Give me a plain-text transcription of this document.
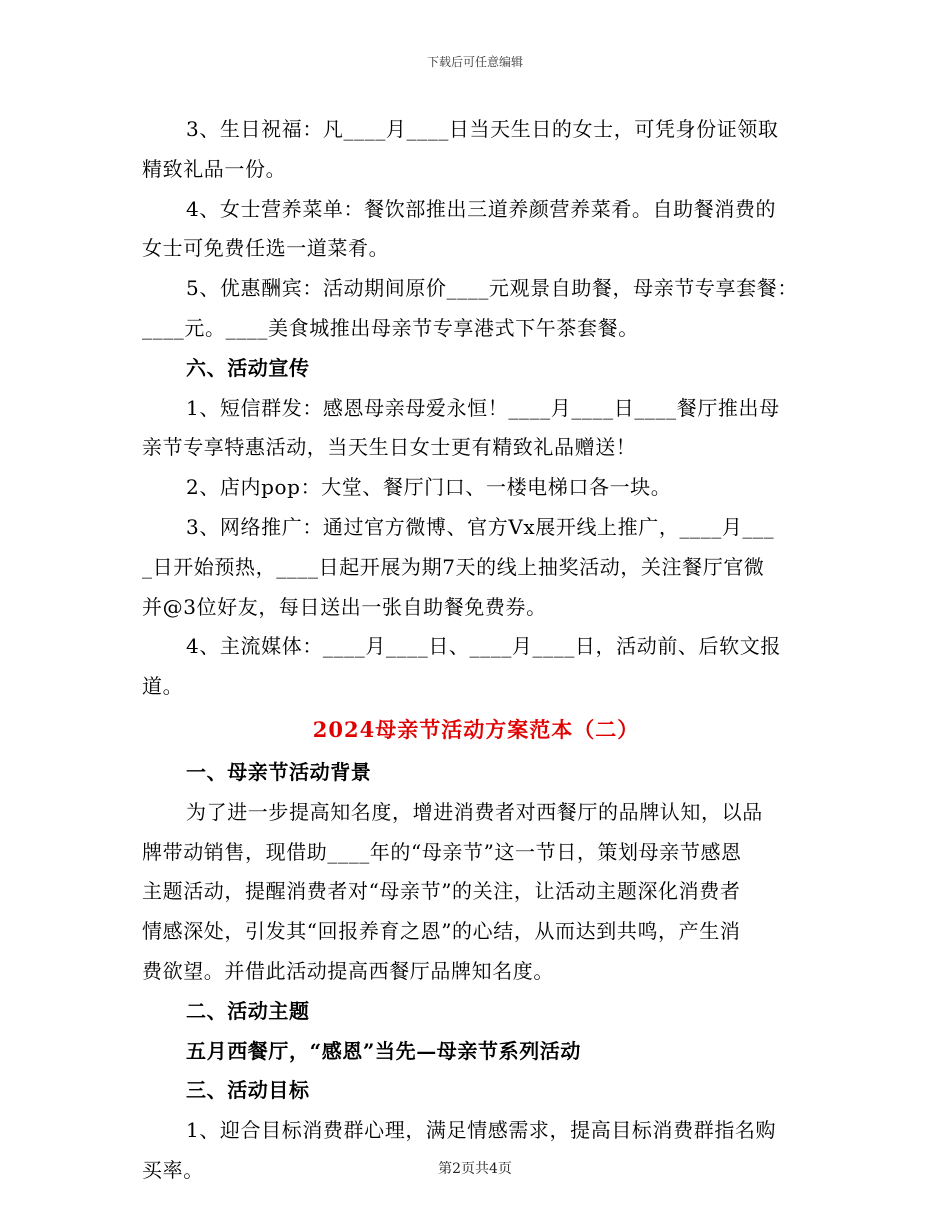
下载后可任意编辑
3、生日祝福：凡____月____日当天生日的女士，可凭身份证领取
精致礼品一份。
4、女士营养菜单：餐饮部推出三道养颜营养菜肴。自助餐消费的
女士可免费任选一道菜肴。
5、优惠酬宾：活动期间原价____元观景自助餐，母亲节专享套餐：
____元。____美食城推出母亲节专享港式下午茶套餐。
六、活动宣传
1、短信群发：感恩母亲母爱永恒！____月____日____餐厅推出母
亲节专享特惠活动，当天生日女士更有精致礼品赠送！
2、店内pop：大堂、餐厅门口、一楼电梯口各一块。
3、网络推广：通过官方微博、官方Vx展开线上推广，____月___
_日开始预热，____日起开展为期7天的线上抽奖活动，关注餐厅官微
并@3位好友，每日送出一张自助餐免费券。
4、主流媒体：____月____日、____月____日，活动前、后软文报
道。
2024母亲节活动方案范本（二）
一、母亲节活动背景
为了进一步提高知名度，增进消费者对西餐厅的品牌认知，以品
牌带动销售，现借助____年的“母亲节”这一节日，策划母亲节感恩
主题活动，提醒消费者对“母亲节”的关注，让活动主题深化消费者
情感深处，引发其“回报养育之恩”的心结，从而达到共鸣，产生消
费欲望。并借此活动提高西餐厅品牌知名度。
二、活动主题
五月西餐厅，“感恩”当先—母亲节系列活动
三、活动目标
1、迎合目标消费群心理，满足情感需求，提高目标消费群指名购
买率。	第2页共4页
